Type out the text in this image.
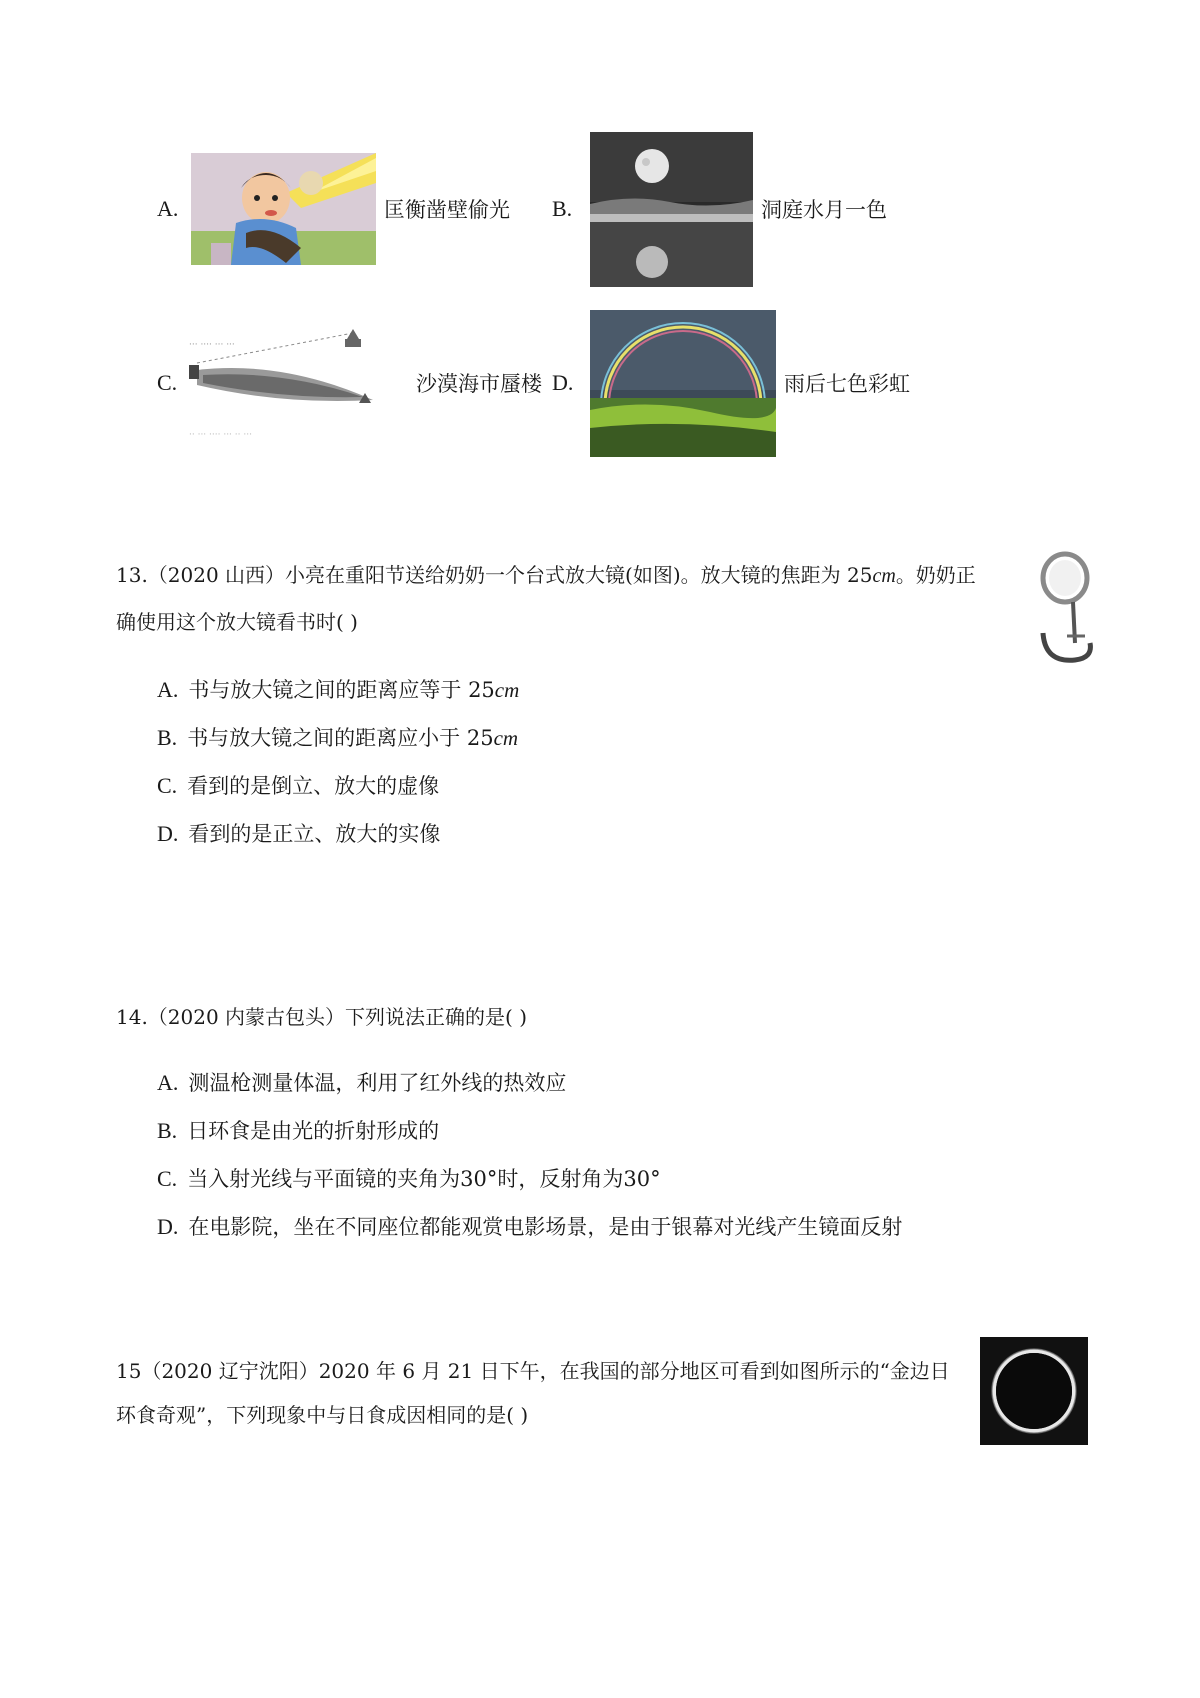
A.	匡衡凿壁偷光 B.	洞庭水月一色
C.
··· ···· ··· ···
·· ··· ···· ··· ·· ···
沙漠海市蜃楼 D.	雨后七色彩虹
13.（2020 山西）小亮在重阳节送给奶奶一个台式放大镜(如图)。放大镜的焦距为 25cm。奶奶正
确使用这个放大镜看书时( )
A. 书与放大镜之间的距离应等于 25cm
B. 书与放大镜之间的距离应小于 25cm
C. 看到的是倒立、放大的虚像
D. 看到的是正立、放大的实像
14.（2020 内蒙古包头）下列说法正确的是( )
A. 测温枪测量体温，利用了红外线的热效应
B. 日环食是由光的折射形成的
C. 当入射光线与平面镜的夹角为30°时，反射角为30°
D. 在电影院，坐在不同座位都能观赏电影场景，是由于银幕对光线产生镜面反射
15（2020 辽宁沈阳）2020 年 6 月 21 日下午，在我国的部分地区可看到如图所示的“金边日
环食奇观”，下列现象中与日食成因相同的是( )
